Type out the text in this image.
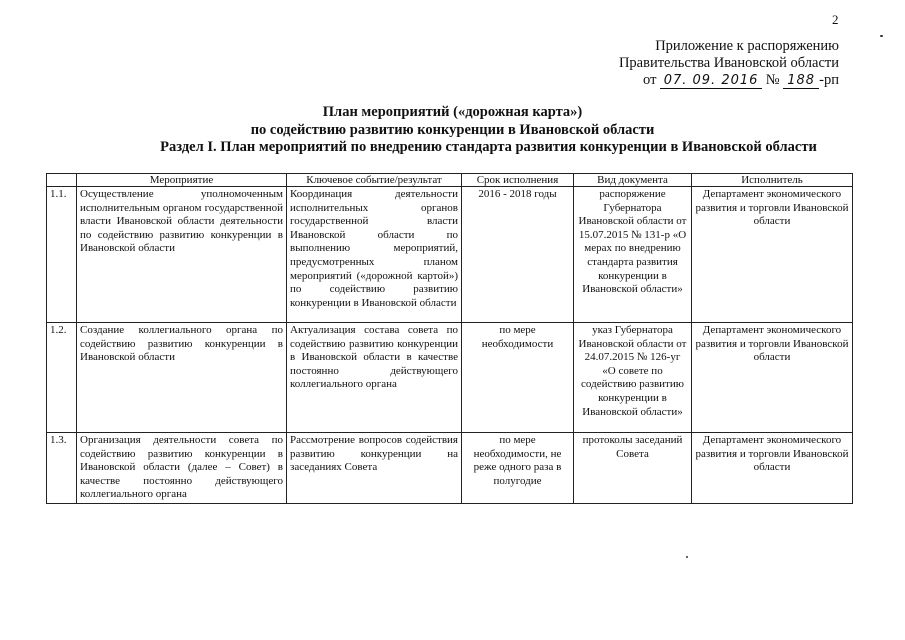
2
Приложение к распоряжению
Правительства Ивановской области
от 07. 09. 2016 № 188 -рп
План мероприятий («дорожная карта»)
по содействию развитию конкуренции в Ивановской области
Раздел I. План мероприятий по внедрению стандарта развития конкуренции в Ивановской области
	Мероприятие	Ключевое событие/результат	Срок исполнения	Вид документа	Исполнитель
1.1.	Осуществление уполномоченным исполнительным органом государственной власти Ивановской области деятельности по содействию развитию конкуренции в Ивановской области	Координация деятельности исполнительных органов государственной власти Ивановской области по выполнению мероприятий, предусмотренных планом мероприятий («дорожной картой») по содействию развитию конкуренции в Ивановской области	2016 - 2018 годы	распоряжение Губернатора Ивановской области от 15.07.2015 № 131-р «О мерах по внедрению стандарта развития конкуренции в Ивановской области»	Департамент экономического развития и торговли Ивановской области
1.2.	Создание коллегиального органа по содействию развитию конкуренции в Ивановской области	Актуализация состава совета по содействию развитию конкуренции в Ивановской области в качестве постоянно действующего коллегиального органа	по мере необходимости	указ Губернатора Ивановской области от 24.07.2015 № 126-уг «О совете по содействию развитию конкуренции в Ивановской области»	Департамент экономического развития и торговли Ивановской области
1.3.	Организация деятельности совета по содействию развитию конкуренции в Ивановской области (далее – Совет) в качестве постоянно действующего коллегиального органа	Рассмотрение вопросов содействия развитию конкуренции на заседаниях Совета	по мере необходимости, не реже одного раза в полугодие	протоколы заседаний Совета	Департамент экономического развития и торговли Ивановской области
